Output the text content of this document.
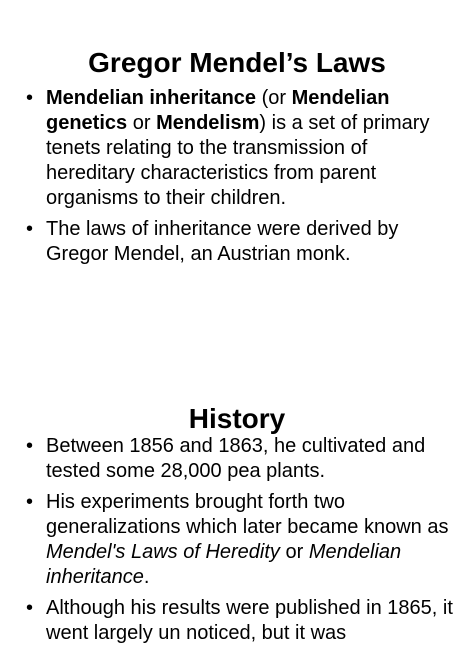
Gregor Mendel’s Laws
• Mendelian inheritance (or Mendelian genetics or Mendelism) is a set of primary tenets relating to the transmission of hereditary characteristics from parent organisms to their children.
• The laws of inheritance were derived by Gregor Mendel, an Austrian monk.
History
• Between 1856 and 1863, he cultivated and tested some 28,000 pea plants.
• His experiments brought forth two generalizations which later became known as Mendel's Laws of Heredity or Mendelian inheritance.
• Although his results were published in 1865, it went largely un noticed, but it was
